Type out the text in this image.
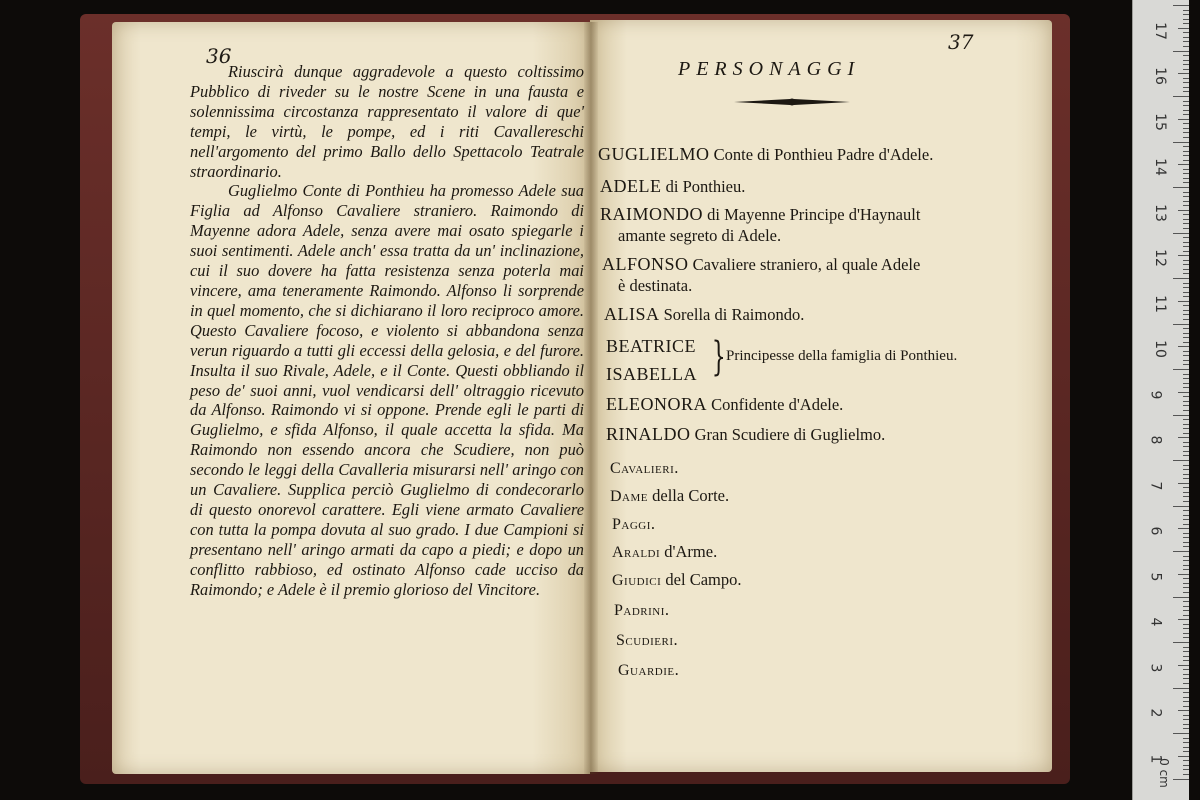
36

Riuscirà dunque aggradevole a questo coltissimo Pubblico di riveder su le nostre Scene in una fausta e solennissima circostanza rappresentato il valore di que' tempi, le virtù, le pompe, ed i riti Cavallereschi nell'argomento del primo Ballo dello Spettacolo Teatrale straordinario.

Guglielmo Conte di Ponthieu ha promesso Adele sua Figlia ad Alfonso Cavaliere straniero. Raimondo di Mayenne adora Adele, senza avere mai osato spiegarle i suoi sentimenti. Adele anch' essa tratta da un' inclinazione, cui il suo dovere ha fatta resistenza senza poterla mai vincere, ama teneramente Raimondo. Alfonso li sorprende in quel momento, che si dichiarano il loro reciproco amore. Questo Cavaliere focoso, e violento si abbandona senza verun riguardo a tutti gli eccessi della gelosia, e del furore. Insulta il suo Rivale, Adele, e il Conte. Questi obbliando il peso de' suoi anni, vuol vendicarsi dell' oltraggio ricevuto da Alfonso. Raimondo vi si oppone. Prende egli le parti di Guglielmo, e sfida Alfonso, il quale accetta la sfida. Ma Raimondo non essendo ancora che Scudiere, non può secondo le leggi della Cavalleria misurarsi nell' aringo con un Cavaliere. Supplica perciò Guglielmo di condecorarlo di questo onorevol carattere. Egli viene armato Cavaliere con tutta la pompa dovuta al suo grado. I due Campioni si presentano nell' aringo armati da capo a piedi; e dopo un conflitto rabbioso, ed ostinato Alfonso cade ucciso da Raimondo; e Adele è il premio glorioso del Vincitore.

37
PERSONAGGI
GUGLIELMO Conte di Ponthieu Padre d'Adele.
ADELE di Ponthieu.
RAIMONDO di Mayenne Principe d'Haynault
amante segreto di Adele.
ALFONSO Cavaliere straniero, al quale Adele
è destinata.
ALISA Sorella di Raimondo.
BEATRICE
ISABELLA } Principesse della famiglia di Ponthieu.
ELEONORA Confidente d'Adele.
RINALDO Gran Scudiere di Guglielmo.
Cavalieri.
Dame della Corte.
Paggi.
Araldi d'Arme.
Giudici del Campo.
Padrini.
Scudieri.
Guardie.
17
16
15
14
13
12
11
10
9
8
7
6
5
4
3
2
1
0 cm
